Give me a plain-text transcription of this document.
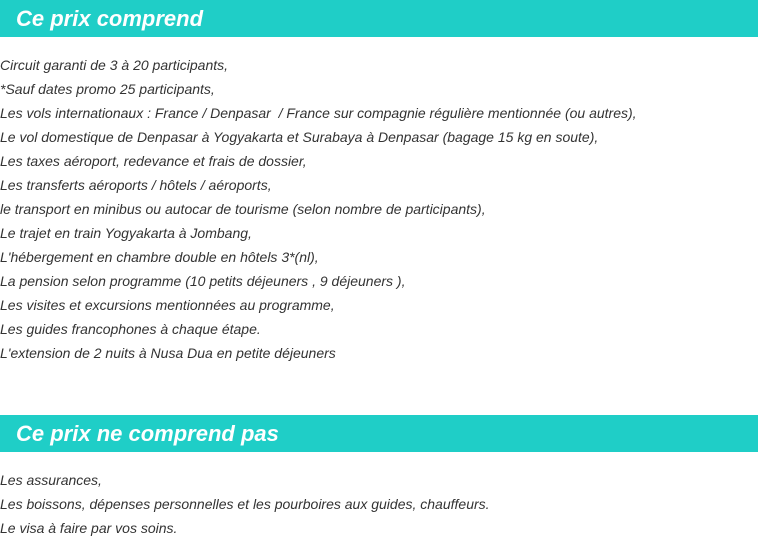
Ce prix comprend
Circuit garanti de 3 à 20 participants,
*Sauf dates promo 25 participants,
Les vols internationaux : France / Denpasar  / France sur compagnie régulière mentionnée (ou autres),
Le vol domestique de Denpasar à Yogyakarta et Surabaya à Denpasar (bagage 15 kg en soute),
Les taxes aéroport, redevance et frais de dossier,
Les transferts aéroports / hôtels / aéroports,
le transport en minibus ou autocar de tourisme (selon nombre de participants),
Le trajet en train Yogyakarta à Jombang,
L'hébergement en chambre double en hôtels 3*(nl),
La pension selon programme (10 petits déjeuners , 9 déjeuners ),
Les visites et excursions mentionnées au programme,
Les guides francophones à chaque étape.
L'extension de 2 nuits à Nusa Dua en petite déjeuners
Ce prix ne comprend pas
Les assurances,
Les boissons, dépenses personnelles et les pourboires aux guides, chauffeurs.
Le visa à faire par vos soins.
